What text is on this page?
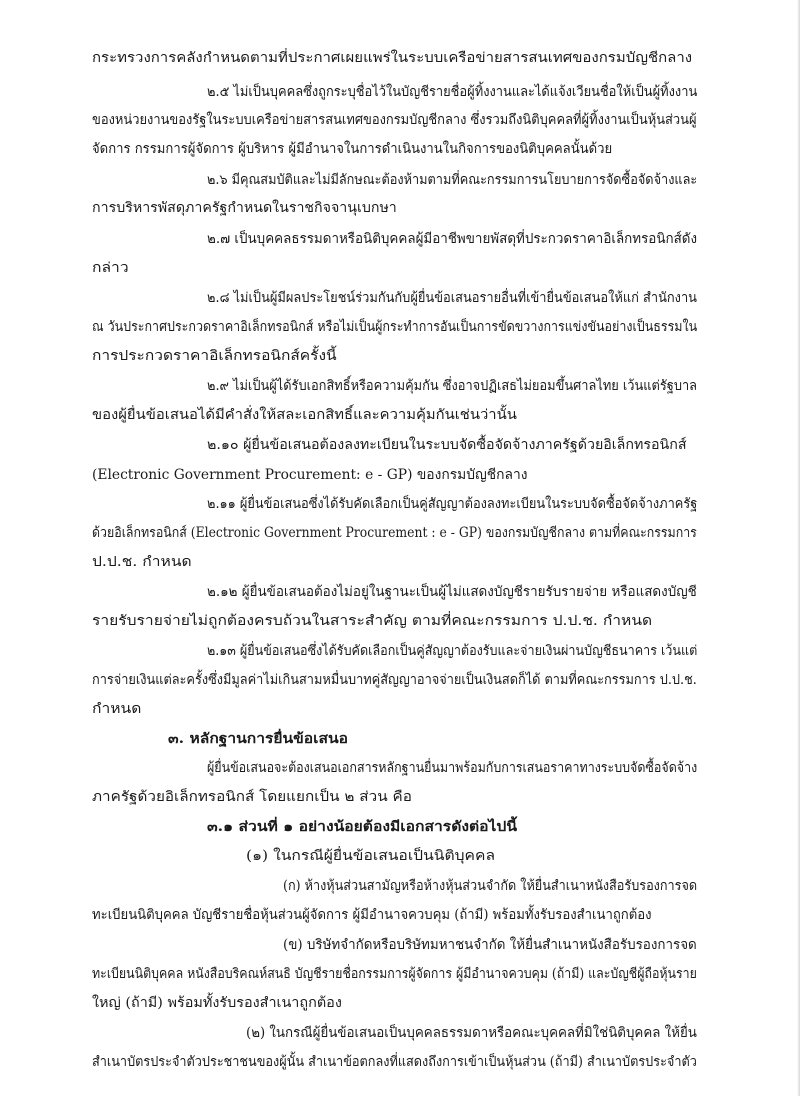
กระทรวงการคลังกำหนดตามที่ประกาศเผยแพร่ในระบบเครือข่ายสารสนเทศของกรมบัญชีกลาง
๒.๕ ไม่เป็นบุคคลซึ่งถูกระบุชื่อไว้ในบัญชีรายชื่อผู้ทิ้งงานและได้แจ้งเวียนชื่อให้เป็นผู้ทิ้งงาน
ของหน่วยงานของรัฐในระบบเครือข่ายสารสนเทศของกรมบัญชีกลาง ซึ่งรวมถึงนิติบุคคลที่ผู้ทิ้งงานเป็นหุ้นส่วนผู้
จัดการ กรรมการผู้จัดการ ผู้บริหาร ผู้มีอำนาจในการดำเนินงานในกิจการของนิติบุคคลนั้นด้วย
๒.๖ มีคุณสมบัติและไม่มีลักษณะต้องห้ามตามที่คณะกรรมการนโยบายการจัดซื้อจัดจ้างและ
การบริหารพัสดุภาครัฐกำหนดในราชกิจจานุเบกษา
๒.๗ เป็นบุคคลธรรมดาหรือนิติบุคคลผู้มีอาชีพขายพัสดุที่ประกวดราคาอิเล็กทรอนิกส์ดัง
กล่าว
๒.๘ ไม่เป็นผู้มีผลประโยชน์ร่วมกันกับผู้ยื่นข้อเสนอรายอื่นที่เข้ายื่นข้อเสนอให้แก่ สำนักงาน
ณ วันประกาศประกวดราคาอิเล็กทรอนิกส์ หรือไม่เป็นผู้กระทำการอันเป็นการขัดขวางการแข่งขันอย่างเป็นธรรมใน
การประกวดราคาอิเล็กทรอนิกส์ครั้งนี้
๒.๙ ไม่เป็นผู้ได้รับเอกสิทธิ์หรือความคุ้มกัน ซึ่งอาจปฏิเสธไม่ยอมขึ้นศาลไทย เว้นแต่รัฐบาล
ของผู้ยื่นข้อเสนอได้มีคำสั่งให้สละเอกสิทธิ์และความคุ้มกันเช่นว่านั้น
๒.๑๐ ผู้ยื่นข้อเสนอต้องลงทะเบียนในระบบจัดซื้อจัดจ้างภาครัฐด้วยอิเล็กทรอนิกส์
(Electronic Government Procurement: e - GP) ของกรมบัญชีกลาง
๒.๑๑ ผู้ยื่นข้อเสนอซึ่งได้รับคัดเลือกเป็นคู่สัญญาต้องลงทะเบียนในระบบจัดซื้อจัดจ้างภาครัฐ
ด้วยอิเล็กทรอนิกส์ (Electronic Government Procurement : e - GP) ของกรมบัญชีกลาง ตามที่คณะกรรมการ
ป.ป.ช. กำหนด
๒.๑๒ ผู้ยื่นข้อเสนอต้องไม่อยู่ในฐานะเป็นผู้ไม่แสดงบัญชีรายรับรายจ่าย หรือแสดงบัญชี
รายรับรายจ่ายไม่ถูกต้องครบถ้วนในสาระสำคัญ ตามที่คณะกรรมการ ป.ป.ช. กำหนด
๒.๑๓ ผู้ยื่นข้อเสนอซึ่งได้รับคัดเลือกเป็นคู่สัญญาต้องรับและจ่ายเงินผ่านบัญชีธนาคาร เว้นแต่
การจ่ายเงินแต่ละครั้งซึ่งมีมูลค่าไม่เกินสามหมื่นบาทคู่สัญญาอาจจ่ายเป็นเงินสดก็ได้ ตามที่คณะกรรมการ ป.ป.ช.
กำหนด
๓. หลักฐานการยื่นข้อเสนอ
ผู้ยื่นข้อเสนอจะต้องเสนอเอกสารหลักฐานยื่นมาพร้อมกับการเสนอราคาทางระบบจัดซื้อจัดจ้าง
ภาครัฐด้วยอิเล็กทรอนิกส์ โดยแยกเป็น ๒ ส่วน คือ
๓.๑ ส่วนที่ ๑ อย่างน้อยต้องมีเอกสารดังต่อไปนี้
(๑) ในกรณีผู้ยื่นข้อเสนอเป็นนิติบุคคล
(ก) ห้างหุ้นส่วนสามัญหรือห้างหุ้นส่วนจำกัด ให้ยื่นสำเนาหนังสือรับรองการจด
ทะเบียนนิติบุคคล บัญชีรายชื่อหุ้นส่วนผู้จัดการ ผู้มีอำนาจควบคุม (ถ้ามี) พร้อมทั้งรับรองสำเนาถูกต้อง
(ข) บริษัทจำกัดหรือบริษัทมหาชนจำกัด ให้ยื่นสำเนาหนังสือรับรองการจด
ทะเบียนนิติบุคคล หนังสือบริคณห์สนธิ บัญชีรายชื่อกรรมการผู้จัดการ ผู้มีอำนาจควบคุม (ถ้ามี) และบัญชีผู้ถือหุ้นราย
ใหญ่ (ถ้ามี) พร้อมทั้งรับรองสำเนาถูกต้อง
(๒) ในกรณีผู้ยื่นข้อเสนอเป็นบุคคลธรรมดาหรือคณะบุคคลที่มิใช่นิติบุคคล ให้ยื่น
สำเนาบัตรประจำตัวประชาชนของผู้นั้น สำเนาข้อตกลงที่แสดงถึงการเข้าเป็นหุ้นส่วน (ถ้ามี) สำเนาบัตรประจำตัว
